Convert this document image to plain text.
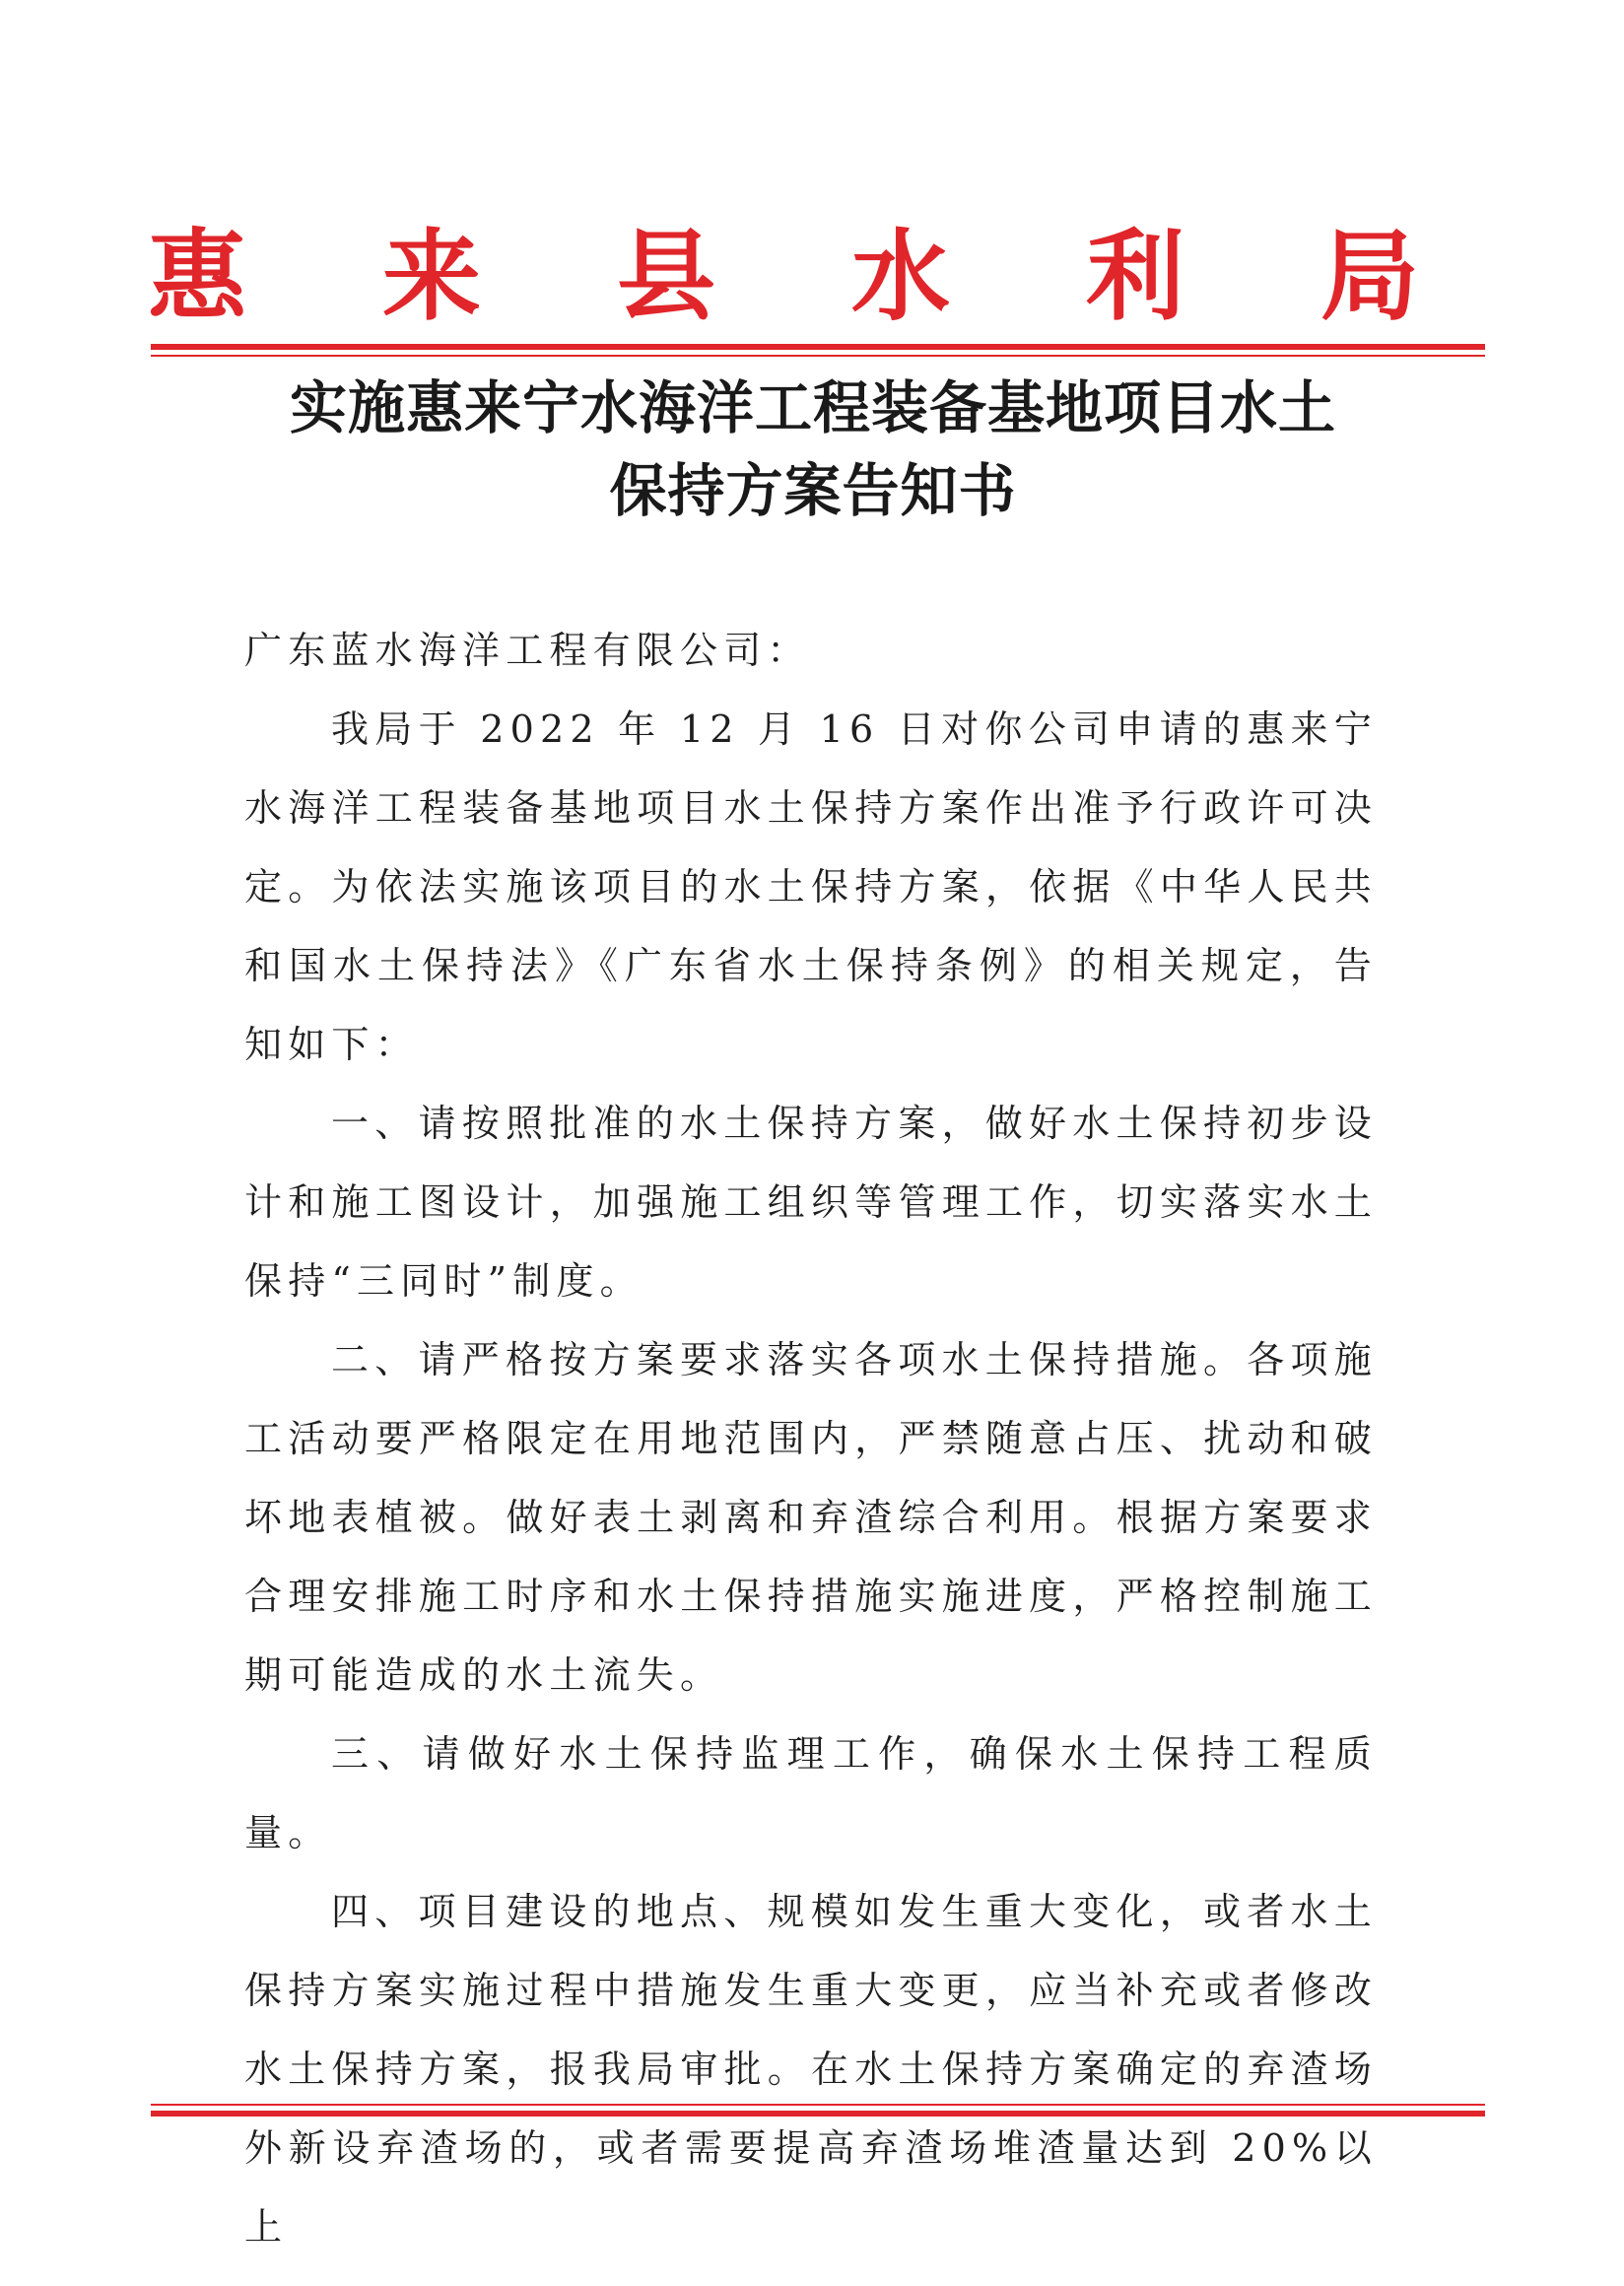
惠 来 县 水 利 局
实施惠来宁水海洋工程装备基地项目水土
保持方案告知书

广东蓝水海洋工程有限公司：

我局于 2022 年 12 月 16 日对你公司申请的惠来宁水海洋工程装备基地项目水土保持方案作出准予行政许可决定。为依法实施该项目的水土保持方案，依据《中华人民共和国水土保持法》《广东省水土保持条例》的相关规定，告知如下：

一、请按照批准的水土保持方案，做好水土保持初步设计和施工图设计，加强施工组织等管理工作，切实落实水土保持“三同时”制度。

二、请严格按方案要求落实各项水土保持措施。各项施工活动要严格限定在用地范围内，严禁随意占压、扰动和破坏地表植被。做好表土剥离和弃渣综合利用。根据方案要求合理安排施工时序和水土保持措施实施进度，严格控制施工期可能造成的水土流失。

三、请做好水土保持监理工作，确保水土保持工程质量。

四、项目建设的地点、规模如发生重大变化，或者水土保持方案实施过程中措施发生重大变更，应当补充或者修改水土保持方案，报我局审批。在水土保持方案确定的弃渣场外新设弃渣场的，或者需要提高弃渣场堆渣量达到 20%以上
